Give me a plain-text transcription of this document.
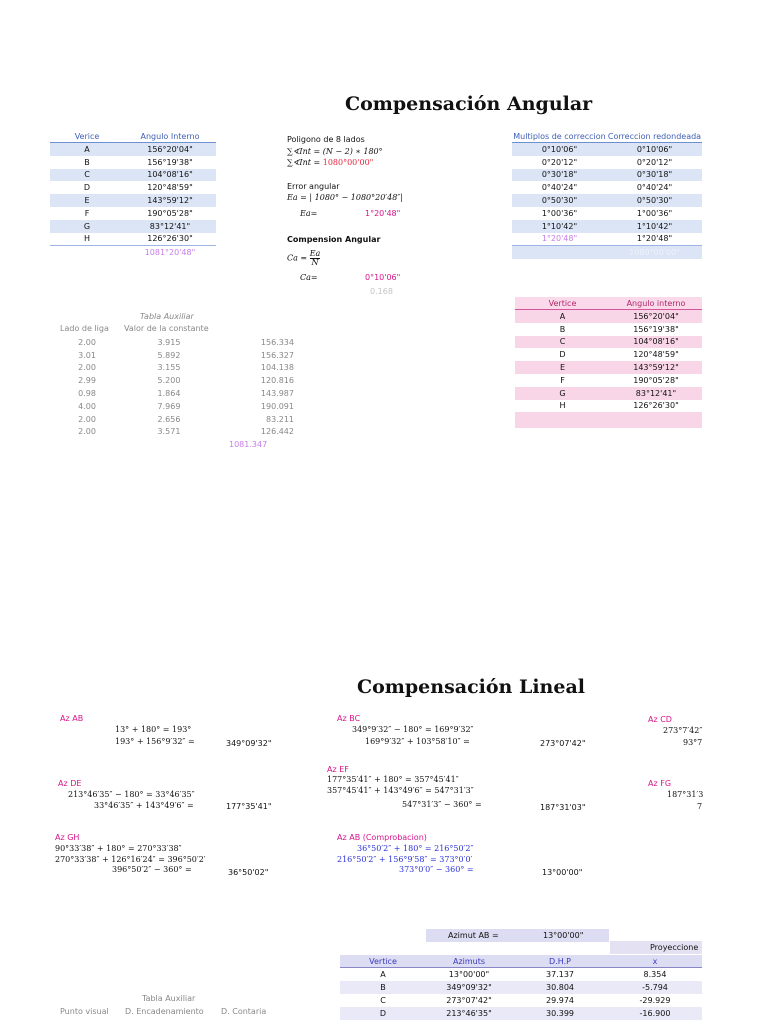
Compensación Angular
Verice	Angulo Interno
A	156°20'04"
B	156°19'38"
C	104°08'16"
D	120°48'59"
E	143°59'12"
F	190°05'28"
G	83°12'41"
H	126°26'30"
	1081°20'48"
Poligono de 8 lados
∑∢Int = (N − 2) ∗ 180°
∑∢Int = 1080°00'00"
Error angular
Ea = | 1080° − 1080°20′48″|
Ea=	1°20'48"
Compension Angular
$Ca = \frac{Ea}{N}$
Ca=	0°10'06"
0.168
Multiplos de correccion	Correccion redondeada
0°10'06"	0°10'06"
0°20'12"	0°20'12"
0°30'18"	0°30'18"
0°40'24"	0°40'24"
0°50'30"	0°50'30"
1°00'36"	1°00'36"
1°10'42"	1°10'42"
1°20'48"	1°20'48"
	1080°00'00"
Tabla Auxiliar
Lado de liga Valor de la constante
2.00	3.915	156.334
3.01	5.892	156.327
2.00	3.155	104.138
2.99	5.200	120.816
0.98	1.864	143.987
4.00	7.969	190.091
2.00	2.656	83.211
2.00	3.571	126.442
1081.347
Vertice	Angulo interno
A	156°20'04"
B	156°19'38"
C	104°08'16"
D	120°48'59"
E	143°59'12"
F	190°05'28"
G	83°12'41"
H	126°26'30"

Compensación Lineal
Az AB
13° + 180° = 193°
193° + 156°9′32″ =	349°09'32"
Az BC
349°9′32″ − 180° = 169°9′32″
169°9′32″ + 103°58′10″ =	273°07'42"
Az CD
273°7′42″
93°7
Az DE
213°46′35″ − 180° = 33°46′35″
33°46′35″ + 143°49′6″ =	177°35'41"
Az EF
177°35′41″ + 180° = 357°45′41″
357°45′41″ + 143°49′6″ = 547°31′3″
547°31′3″ − 360° =	187°31'03"
Az FG
187°31′3
7
Az GH
90°33′38″ + 180° = 270°33′38″
270°33′38″ + 126°16′24″ = 396°50′2′
396°50′2″ − 360° =	36°50'02"
Az AB (Comprobacion)
36°50′2″ + 180° = 216°50′2″
216°50′2″ + 156°9′58″ = 373°0′0′
373°0′0″ − 360° =	13°00'00"
Azimut AB =	13°00'00"
Proyeccione
Vertice	Azimuts	D.H.P	x
A	13°00'00"	37.137	8.354
B	349°09'32"	30.804	-5.794
C	273°07'42"	29.974	-29.929
D	213°46'35"	30.399	-16.900
Tabla Auxiliar
Punto visual D. Encadenamiento D. Contaria
